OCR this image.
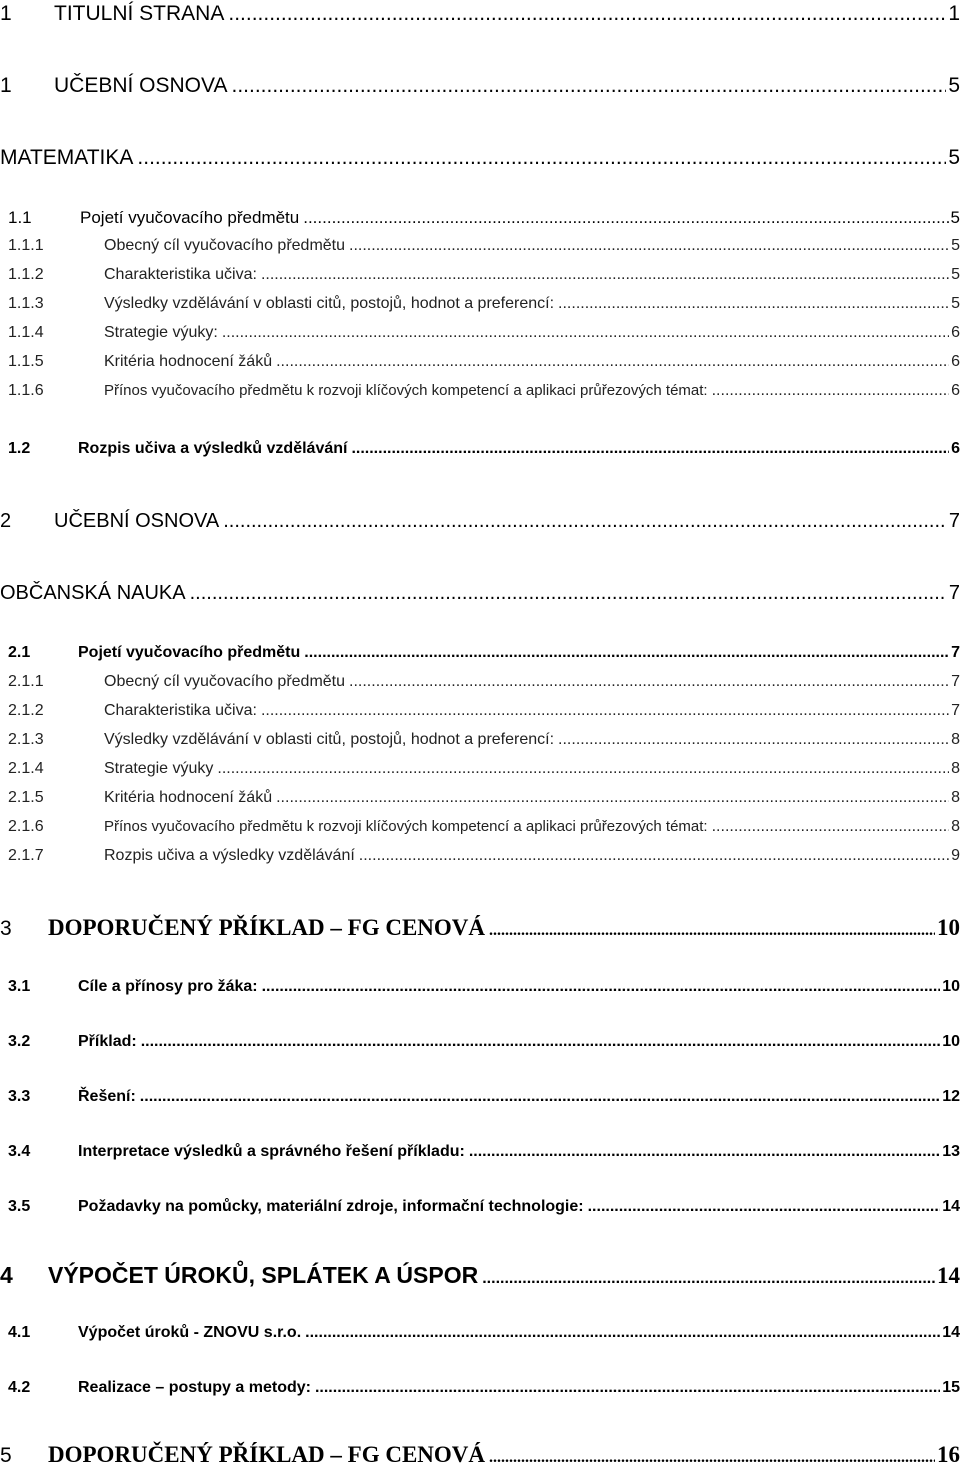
1	TITULNÍ STRANA .....	1
1	UČEBNÍ OSNOVA .....	5
MATEMATIKA .....	5
1.1	Pojetí vyučovacího předmětu .....	5
1.1.1	Obecný cíl vyučovacího předmětu .....	5
1.1.2	Charakteristika učiva: .....	5
1.1.3	Výsledky vzdělávání v oblasti citů, postojů, hodnot a preferencí: .....	5
1.1.4	Strategie výuky: .....	6
1.1.5	Kritéria hodnocení žáků .....	6
1.1.6	Přínos vyučovacího předmětu k rozvoji klíčových kompetencí a aplikaci průřezových témat: .....	6
1.2	Rozpis učiva a výsledků vzdělávání .....	6
2	UČEBNÍ OSNOVA .....	7
OBČANSKÁ NAUKA .....	7
2.1	Pojetí vyučovacího předmětu .....	7
2.1.1	Obecný cíl vyučovacího předmětu .....	7
2.1.2	Charakteristika učiva: .....	7
2.1.3	Výsledky vzdělávání v oblasti citů, postojů, hodnot a preferencí: .....	8
2.1.4	Strategie výuky .....	8
2.1.5	Kritéria hodnocení žáků .....	8
2.1.6	Přínos vyučovacího předmětu k rozvoji klíčových kompetencí a aplikaci průřezových témat: .....	8
2.1.7	Rozpis učiva a výsledky vzdělávání .....	9
3	DOPORUČENÝ PŘÍKLAD – FG CENOVÁ .....	10
3.1	Cíle a přínosy pro žáka: .....	10
3.2	Příklad: .....	10
3.3	Řešení: .....	12
3.4	Interpretace výsledků a správného řešení příkladu: .....	13
3.5	Požadavky na pomůcky, materiální zdroje, informační technologie: .....	14
4	VÝPOČET ÚROKŮ, SPLÁTEK A ÚSPOR .....	14
4.1	Výpočet úroků - ZNOVU s.r.o. .....	14
4.2	Realizace – postupy a metody: .....	15
5	DOPORUČENÝ PŘÍKLAD – FG CENOVÁ .....	16
